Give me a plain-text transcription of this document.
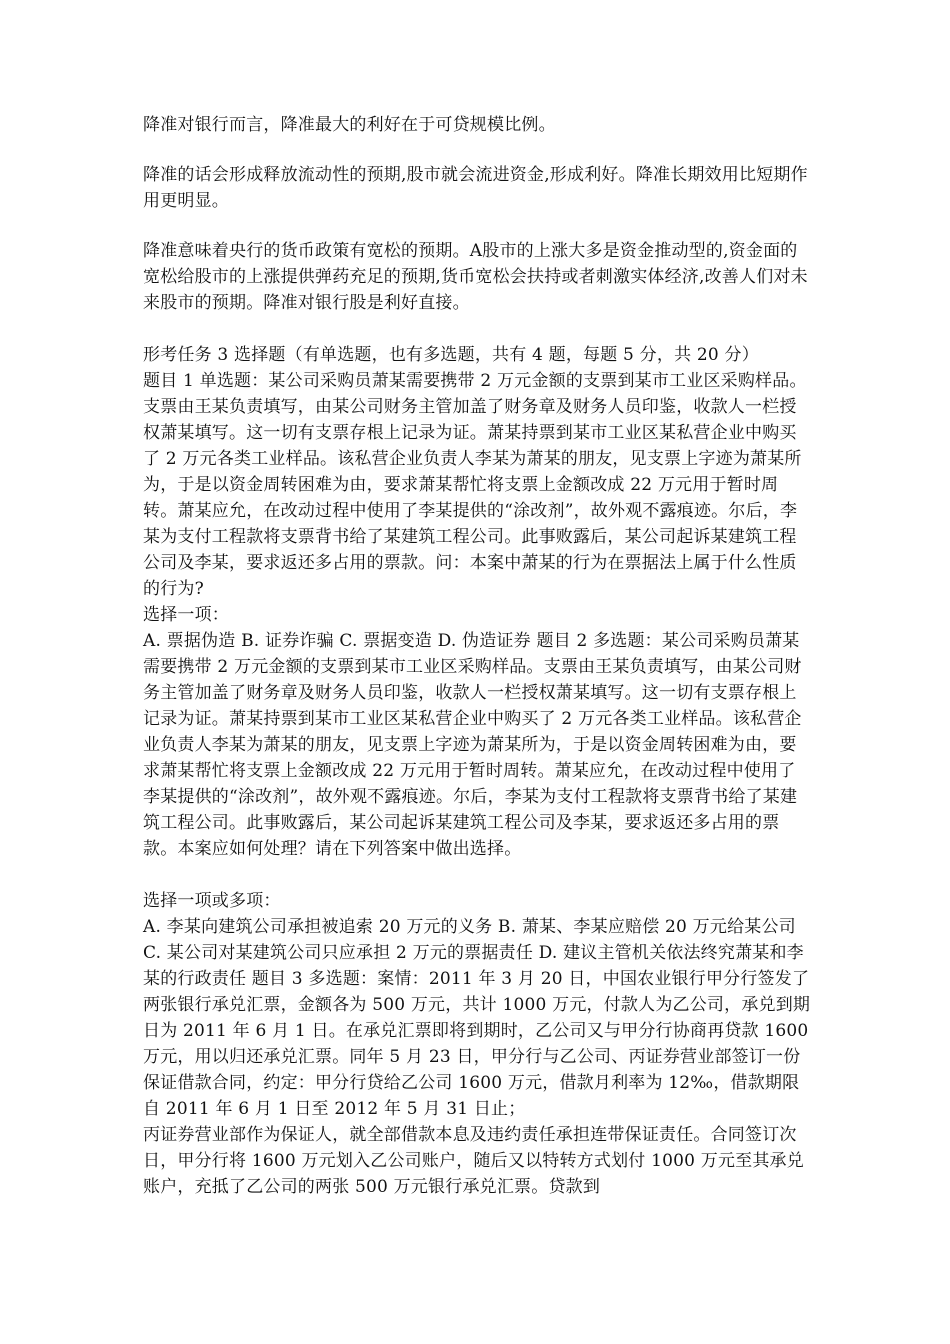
降准对银行而言，降准最大的利好在于可贷规模比例。
降准的话会形成释放流动性的预期,股市就会流进资金,形成利好。降准长期效用比短期作用更明显。
降准意味着央行的货币政策有宽松的预期。A股市的上涨大多是资金推动型的,资金面的宽松给股市的上涨提供弹药充足的预期,货币宽松会扶持或者刺激实体经济,改善人们对未来股市的预期。降准对银行股是利好直接。
形考任务 3 选择题（有单选题，也有多选题，共有 4 题，每题 5 分，共 20 分）
题目 1 单选题：某公司采购员萧某需要携带 2 万元金额的支票到某市工业区采购样品。支票由王某负责填写，由某公司财务主管加盖了财务章及财务人员印鉴，收款人一栏授权萧某填写。这一切有支票存根上记录为证。萧某持票到某市工业区某私营企业中购买了 2 万元各类工业样品。该私营企业负责人李某为萧某的朋友，见支票上字迹为萧某所为，于是以资金周转困难为由，要求萧某帮忙将支票上金额改成 22 万元用于暂时周转。萧某应允，在改动过程中使用了李某提供的“涂改剂”，故外观不露痕迹。尔后，李某为支付工程款将支票背书给了某建筑工程公司。此事败露后，某公司起诉某建筑工程公司及李某，要求返还多占用的票款。问：本案中萧某的行为在票据法上属于什么性质的行为?
选择一项：
A. 票据伪造 B. 证券诈骗 C. 票据变造 D. 伪造证券 题目 2 多选题：某公司采购员萧某需要携带 2 万元金额的支票到某市工业区采购样品。支票由王某负责填写，由某公司财务主管加盖了财务章及财务人员印鉴，收款人一栏授权萧某填写。这一切有支票存根上记录为证。萧某持票到某市工业区某私营企业中购买了 2 万元各类工业样品。该私营企业负责人李某为萧某的朋友，见支票上字迹为萧某所为，于是以资金周转困难为由，要求萧某帮忙将支票上金额改成 22 万元用于暂时周转。萧某应允，在改动过程中使用了李某提供的“涂改剂”，故外观不露痕迹。尔后，李某为支付工程款将支票背书给了某建筑工程公司。此事败露后，某公司起诉某建筑工程公司及李某，要求返还多占用的票款。本案应如何处理？请在下列答案中做出选择。
选择一项或多项：
A. 李某向建筑公司承担被追索 20 万元的义务 B. 萧某、李某应赔偿 20 万元给某公司 C. 某公司对某建筑公司只应承担 2 万元的票据责任 D. 建议主管机关依法终究萧某和李某的行政责任 题目 3 多选题：案情：2011 年 3 月 20 日，中国农业银行甲分行签发了两张银行承兑汇票，金额各为 500 万元，共计 1000 万元，付款人为乙公司，承兑到期日为 2011 年 6 月 1 日。在承兑汇票即将到期时，乙公司又与甲分行协商再贷款 1600 万元，用以归还承兑汇票。同年 5 月 23 日，甲分行与乙公司、丙证券营业部签订一份保证借款合同，约定：甲分行贷给乙公司 1600 万元，借款月利率为 12‰，借款期限自 2011 年 6 月 1 日至 2012 年 5 月 31 日止；
丙证券营业部作为保证人，就全部借款本息及违约责任承担连带保证责任。合同签订次日，甲分行将 1600 万元划入乙公司账户，随后又以特转方式划付 1000 万元至其承兑账户，充抵了乙公司的两张 500 万元银行承兑汇票。贷款到
